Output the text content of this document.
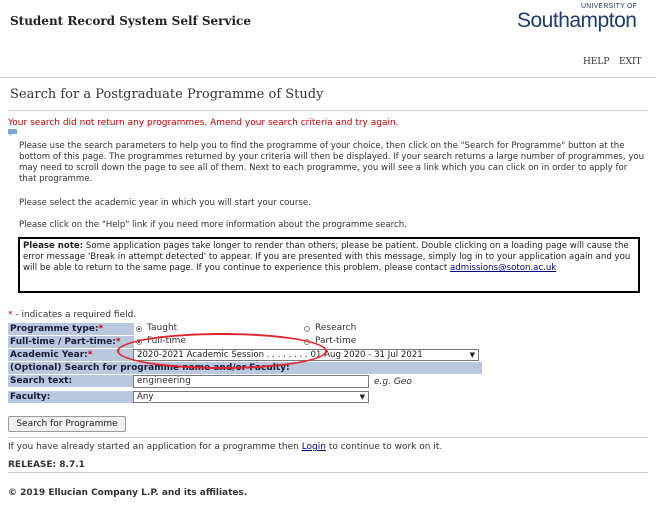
Student Record System Self Service
UNIVERSITY OF
Southampton
HELP EXIT
Search for a Postgraduate Programme of Study
Your search did not return any programmes. Amend your search criteria and try again.
Please use the search parameters to help you to find the programme of your choice, then click on the "Search for Programme" button at the bottom of this page. The programmes returned by your criteria will then be displayed. If your search returns a large number of programmes, you may need to scroll down the page to see all of them. Next to each programme, you will see a link which you can click on in order to apply for that programme.
Please select the academic year in which you will start your course.
Please click on the "Help" link if you need more information about the programme search.
Please note: Some application pages take longer to render than others; please be patient. Double clicking on a loading page will cause the error message 'Break in attempt detected' to appear. If you are presented with this message, simply log in to your application again and you will be able to return to the same page. If you continue to experience this problem, please contact admissions@soton.ac.uk
* - indicates a required field.
Programme type:*	Taught	Research
Full-time / Part-time:*	Full-time	Part-time
Academic Year:*	2020-2021 Academic Session . . . . . . . . 01 Aug 2020 - 31 Jul 2021	▼
(Optional) Search for programme name and/or Faculty:
Search text:	engineering	e.g. Geo
Faculty:	Any	▼
Search for Programme
If you have already started an application for a programme then Login to continue to work on it.
RELEASE: 8.7.1
© 2019 Ellucian Company L.P. and its affiliates.
